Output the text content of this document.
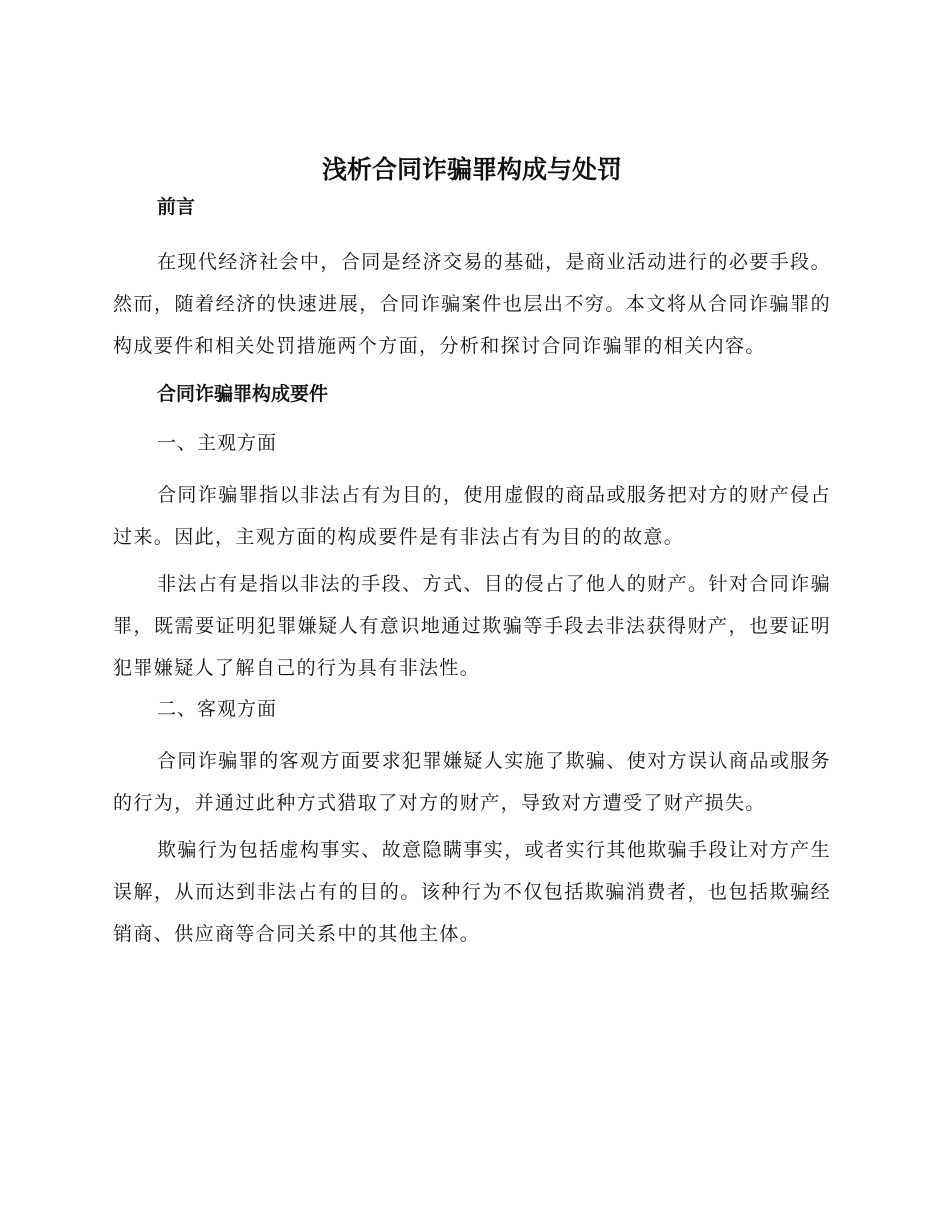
浅析合同诈骗罪构成与处罚
前言
在现代经济社会中，合同是经济交易的基础，是商业活动进行的必要手段。然而，随着经济的快速进展，合同诈骗案件也层出不穷。本文将从合同诈骗罪的构成要件和相关处罚措施两个方面，分析和探讨合同诈骗罪的相关内容。
合同诈骗罪构成要件
一、主观方面
合同诈骗罪指以非法占有为目的，使用虚假的商品或服务把对方的财产侵占过来。因此，主观方面的构成要件是有非法占有为目的的故意。
非法占有是指以非法的手段、方式、目的侵占了他人的财产。针对合同诈骗罪，既需要证明犯罪嫌疑人有意识地通过欺骗等手段去非法获得财产，也要证明犯罪嫌疑人了解自己的行为具有非法性。
二、客观方面
合同诈骗罪的客观方面要求犯罪嫌疑人实施了欺骗、使对方误认商品或服务的行为，并通过此种方式猎取了对方的财产，导致对方遭受了财产损失。
欺骗行为包括虚构事实、故意隐瞒事实，或者实行其他欺骗手段让对方产生误解，从而达到非法占有的目的。该种行为不仅包括欺骗消费者，也包括欺骗经销商、供应商等合同关系中的其他主体。
